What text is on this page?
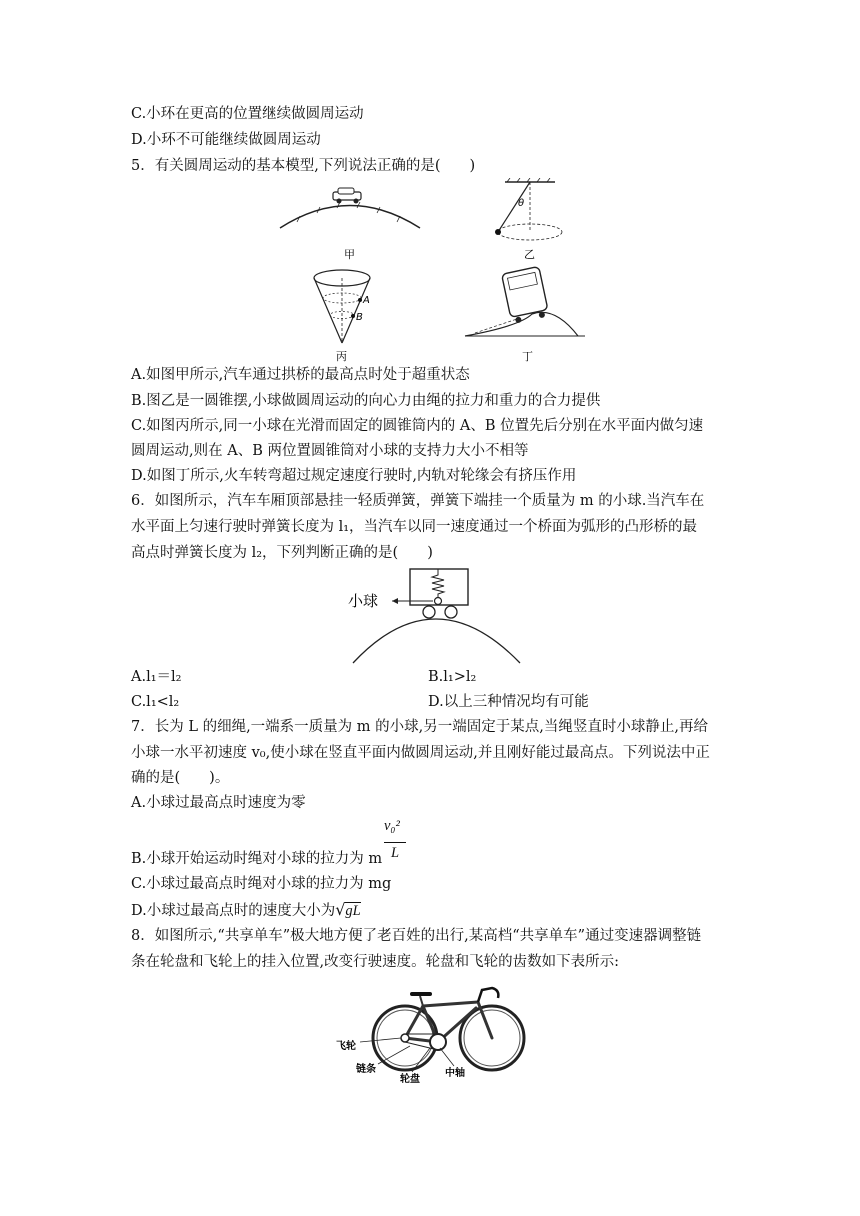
C.小环在更高的位置继续做圆周运动
D.小环不可能继续做圆周运动
5．有关圆周运动的基本模型,下列说法正确的是(　　)
甲
θ
乙
A
B
丙	丁
A.如图甲所示,汽车通过拱桥的最高点时处于超重状态
B.图乙是一圆锥摆,小球做圆周运动的向心力由绳的拉力和重力的合力提供
C.如图丙所示,同一小球在光滑而固定的圆锥筒内的 A、B 位置先后分别在水平面内做匀速
圆周运动,则在 A、B 两位置圆锥筒对小球的支持力大小不相等
D.如图丁所示,火车转弯超过规定速度行驶时,内轨对轮缘会有挤压作用
6．如图所示，汽车车厢顶部悬挂一轻质弹簧，弹簧下端挂一个质量为 m 的小球.当汽车在
水平面上匀速行驶时弹簧长度为 l₁，当汽车以同一速度通过一个桥面为弧形的凸形桥的最
高点时弹簧长度为 l₂，下列判断正确的是(　　)
小球
A.l₁＝l₂	B.l₁>l₂
C.l₁<l₂	D.以上三种情况均有可能
7．长为 L 的细绳,一端系一质量为 m 的小球,另一端固定于某点,当绳竖直时小球静止,再给
小球一水平初速度 v₀,使小球在竖直平面内做圆周运动,并且刚好能过最高点。下列说法中正
确的是(　　)。
A.小球过最高点时速度为零
v₀²
L
B.小球开始运动时绳对小球的拉力为 m
C.小球过最高点时绳对小球的拉力为 mg
D.小球过最高点时的速度大小为√gL
8．如图所示,“共享单车”极大地方便了老百姓的出行,某高档“共享单车”通过变速器调整链
条在轮盘和飞轮上的挂入位置,改变行驶速度。轮盘和飞轮的齿数如下表所示:
飞轮
链条
轮盘
中轴
